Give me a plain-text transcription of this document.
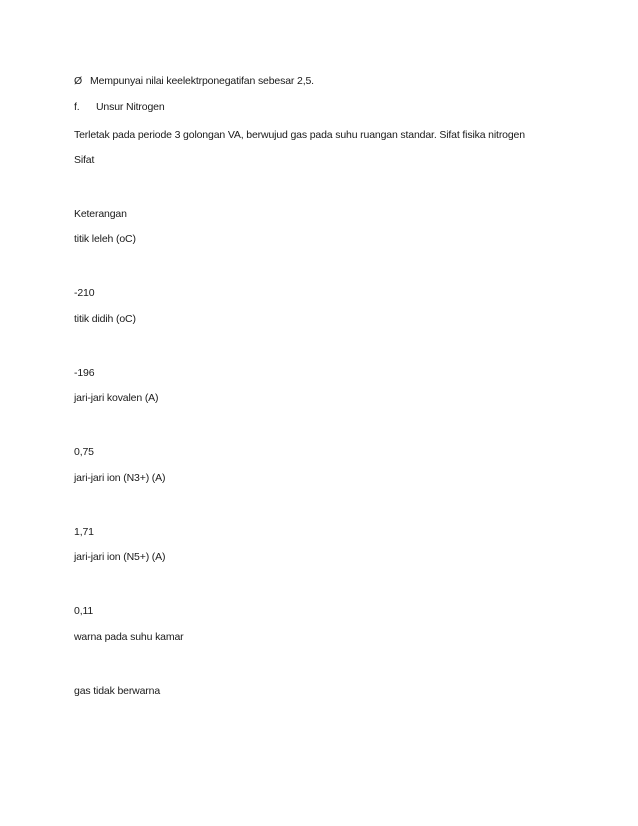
Ø Mempunyai nilai keelektrponegatifan sebesar 2,5.
f. Unsur Nitrogen
Terletak pada periode 3 golongan VA, berwujud gas pada suhu ruangan standar. Sifat fisika nitrogen
Sifat
Keterangan
titik leleh (oC)
-210
titik didih (oC)
-196
jari-jari kovalen (A)
0,75
jari-jari ion (N3+) (A)
1,71
jari-jari ion (N5+) (A)
0,11
warna pada suhu kamar
gas tidak berwarna
